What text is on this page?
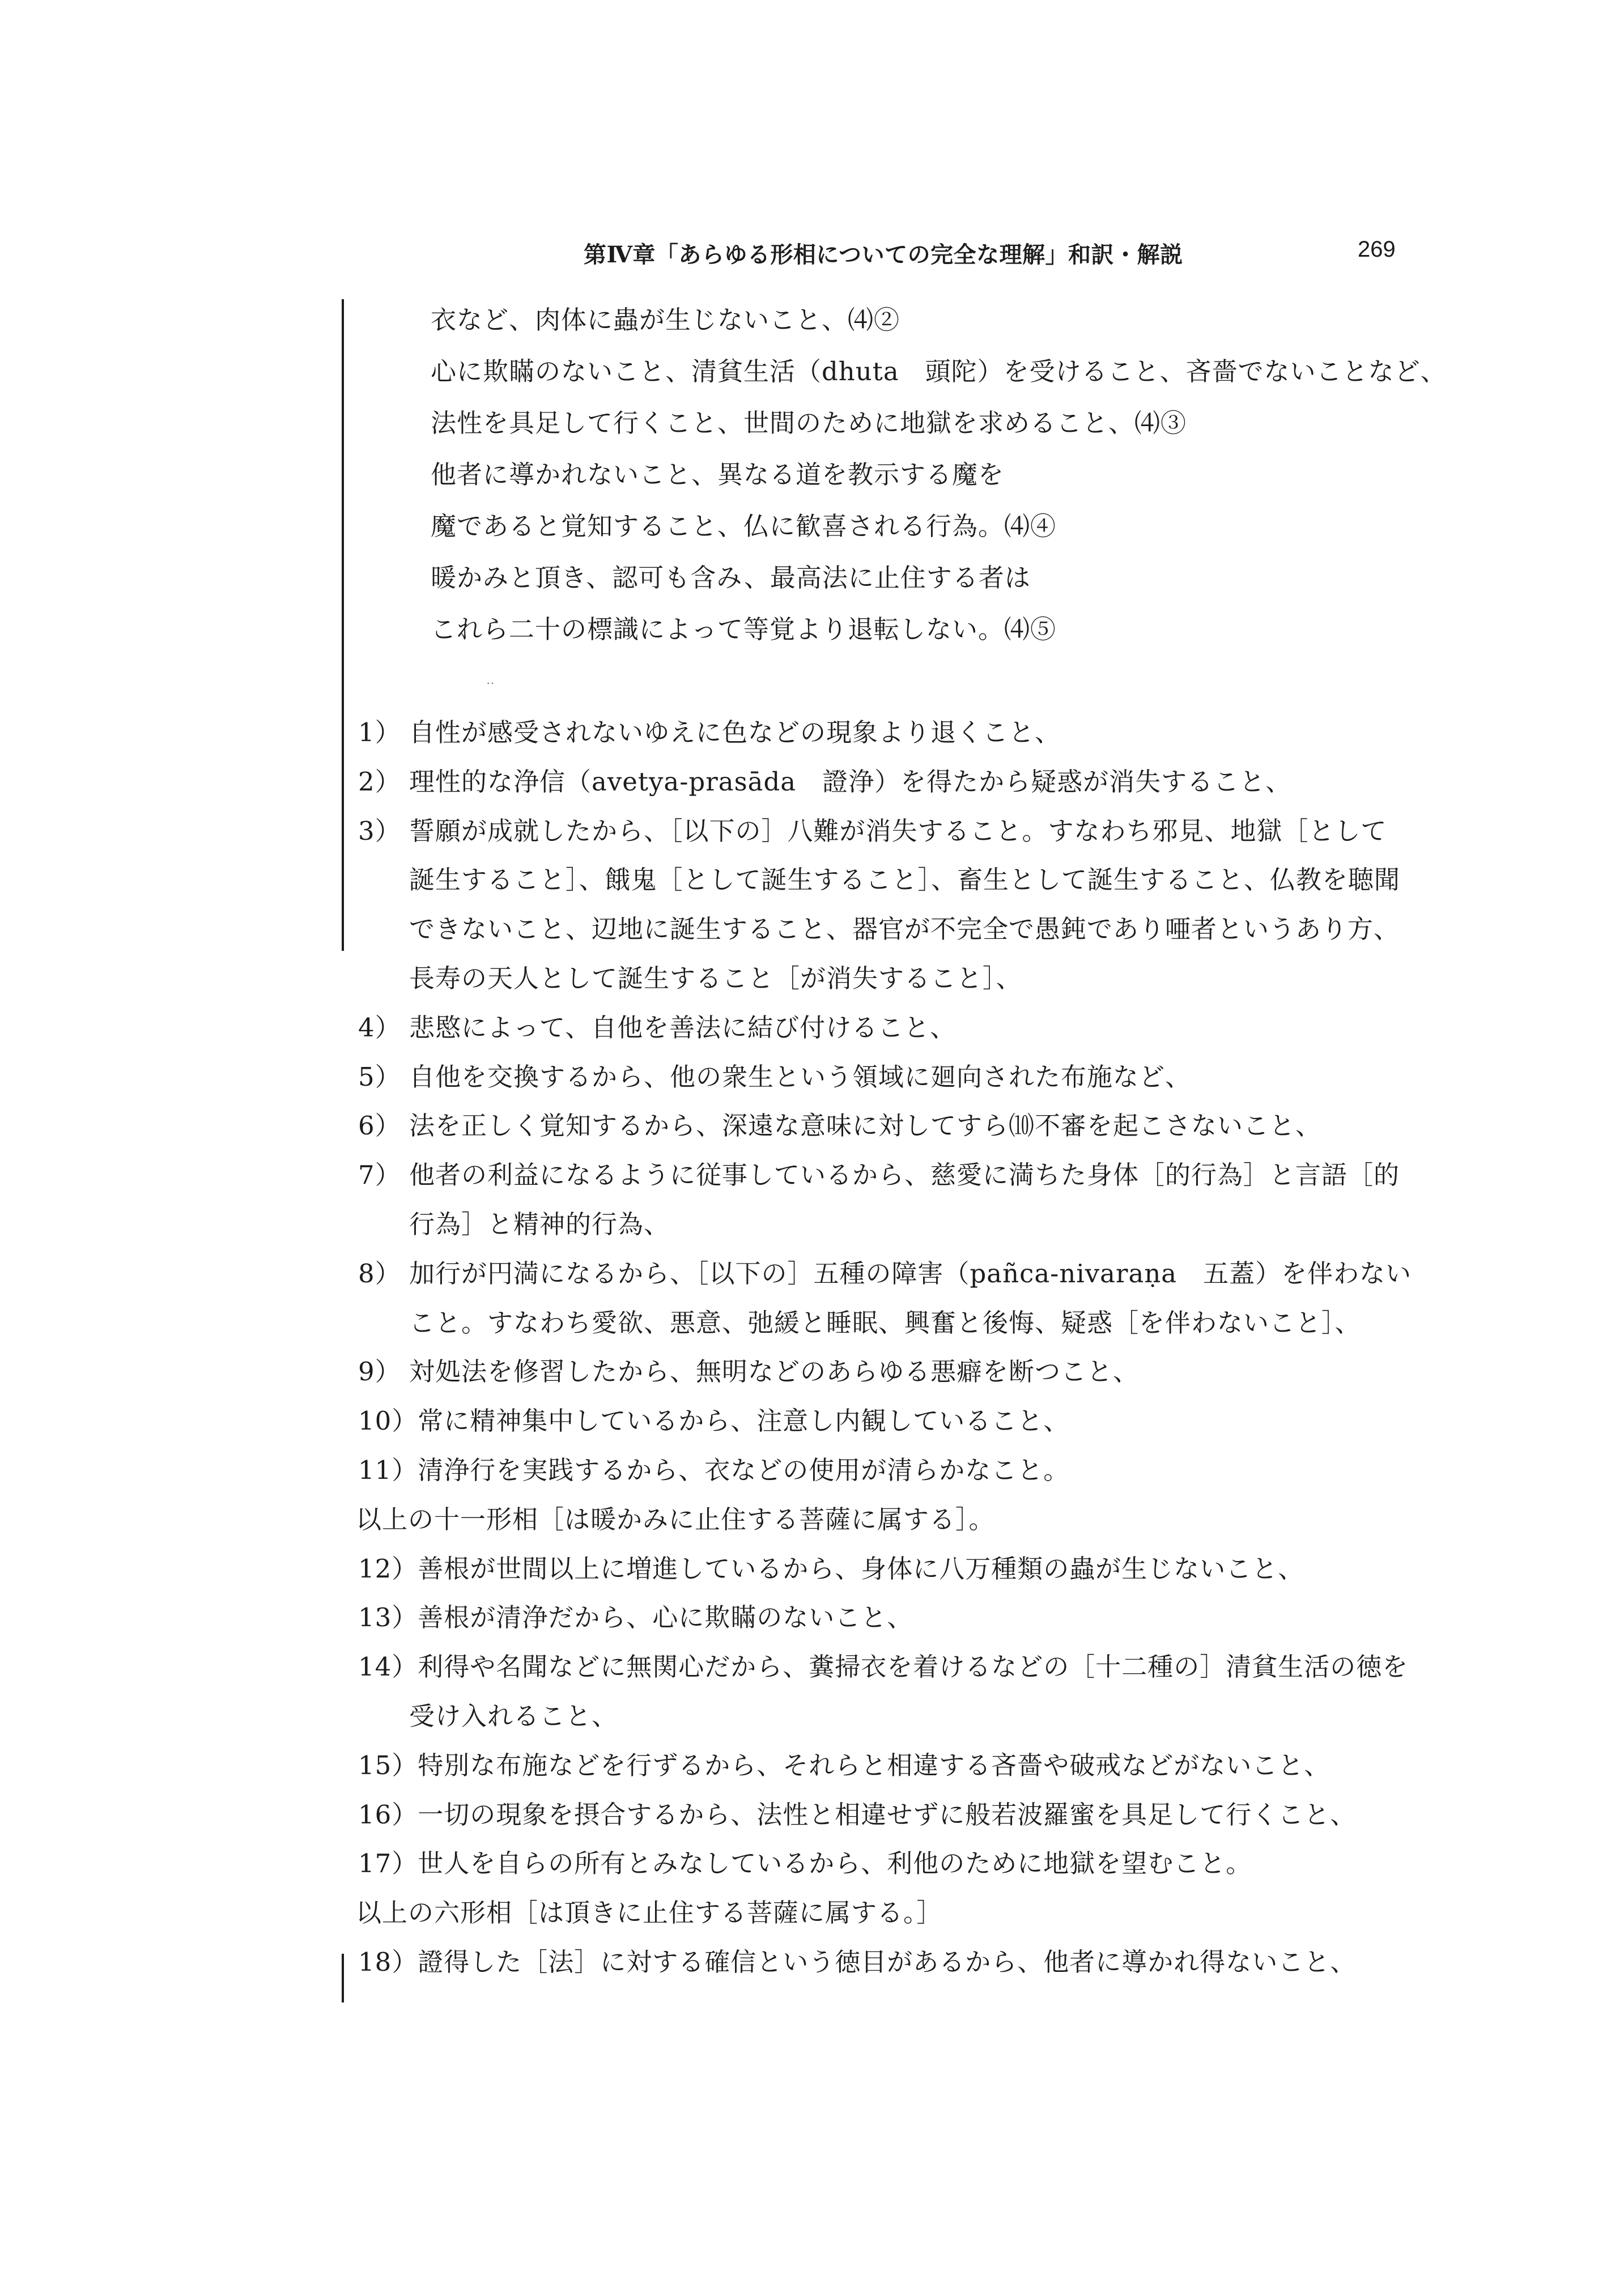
第Ⅳ章「あらゆる形相についての完全な理解」和訳・解説	269
衣など、肉体に蟲が生じないこと、⑷②
心に欺瞞のないこと、清貧生活（dhuta　頭陀）を受けること、吝嗇でないことなど、
法性を具足して行くこと、世間のために地獄を求めること、⑷③
他者に導かれないこと、異なる道を教示する魔を
魔であると覚知すること、仏に歓喜される行為。⑷④
暖かみと頂き、認可も含み、最高法に止住する者は
これら二十の標識によって等覚より退転しない。⑷⑤
‥
1） 自性が感受されないゆえに色などの現象より退くこと、
2） 理性的な浄信（avetya-prasāda　證浄）を得たから疑惑が消失すること、
3） 誓願が成就したから、［以下の］八難が消失すること。すなわち邪見、地獄［として
誕生すること］、餓鬼［として誕生すること］、畜生として誕生すること、仏教を聴聞
できないこと、辺地に誕生すること、器官が不完全で愚鈍であり唖者というあり方、
長寿の天人として誕生すること［が消失すること］、
4） 悲愍によって、自他を善法に結び付けること、
5） 自他を交換するから、他の衆生という領域に廻向された布施など、
6） 法を正しく覚知するから、深遠な意味に対してすら⑽不審を起こさないこと、
7） 他者の利益になるように従事しているから、慈愛に満ちた身体［的行為］と言語［的
行為］と精神的行為、
8） 加行が円満になるから、［以下の］五種の障害（pañca-nivaraṇa　五蓋）を伴わない
こと。すなわち愛欲、悪意、弛緩と睡眠、興奮と後悔、疑惑［を伴わないこと］、
9） 対処法を修習したから、無明などのあらゆる悪癖を断つこと、
10）常に精神集中しているから、注意し内観していること、
11）清浄行を実践するから、衣などの使用が清らかなこと。
以上の十一形相［は暖かみに止住する菩薩に属する］。
12）善根が世間以上に増進しているから、身体に八万種類の蟲が生じないこと、
13）善根が清浄だから、心に欺瞞のないこと、
14）利得や名聞などに無関心だから、糞掃衣を着けるなどの［十二種の］清貧生活の徳を
受け入れること、
15）特別な布施などを行ずるから、それらと相違する吝嗇や破戒などがないこと、
16）一切の現象を摂合するから、法性と相違せずに般若波羅蜜を具足して行くこと、
17）世人を自らの所有とみなしているから、利他のために地獄を望むこと。
以上の六形相［は頂きに止住する菩薩に属する。］
18）證得した［法］に対する確信という徳目があるから、他者に導かれ得ないこと、
